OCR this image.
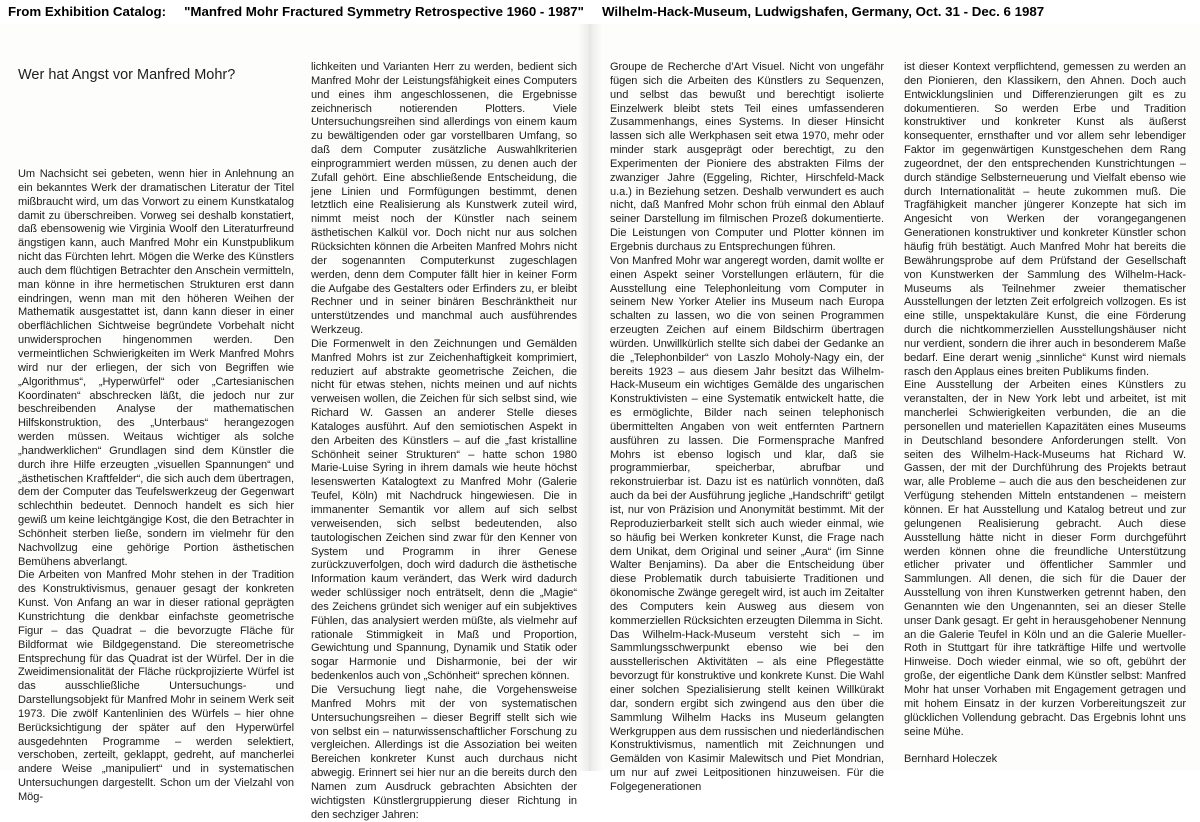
From Exhibition Catalog: "Manfred Mohr Fractured Symmetry Retrospective 1960 - 1987" Wilhelm-Hack-Museum, Ludwigshafen, Germany, Oct. 31 - Dec. 6 1987
Wer hat Angst vor Manfred Mohr?

Um Nachsicht sei gebeten, wenn hier in Anlehnung an ein bekanntes Werk der dramatischen Literatur der Titel mißbraucht wird, um das Vorwort zu einem Kunstkatalog damit zu überschreiben. Vorweg sei deshalb konstatiert, daß ebensowenig wie Virginia Woolf den Literaturfreund ängstigen kann, auch Manfred Mohr ein Kunstpublikum nicht das Fürchten lehrt. Mögen die Werke des Künstlers auch dem flüchtigen Betrachter den Anschein vermitteln, man könne in ihre hermetischen Strukturen erst dann eindringen, wenn man mit den höheren Weihen der Mathematik ausgestattet ist, dann kann dieser in einer oberflächlichen Sichtweise begründete Vorbehalt nicht unwidersprochen hingenommen werden. Den vermeintlichen Schwierigkeiten im Werk Manfred Mohrs wird nur der erliegen, der sich von Begriffen wie „Algorithmus“, „Hyperwürfel“ oder „Cartesianischen Koordinaten“ abschrecken läßt, die jedoch nur zur beschreibenden Analyse der mathematischen Hilfskonstruktion, des „Unterbaus“ herangezogen werden müssen. Weitaus wichtiger als solche „handwerklichen“ Grundlagen sind dem Künstler die durch ihre Hilfe erzeugten „visuellen Spannungen“ und „ästhetischen Kraftfelder“, die sich auch dem übertragen, dem der Computer das Teufelswerkzeug der Gegenwart schlechthin bedeutet. Dennoch handelt es sich hier gewiß um keine leichtgängige Kost, die den Betrachter in Schönheit sterben ließe, sondern im vielmehr für den Nachvollzug eine gehörige Portion ästhetischen Bemühens abverlangt.

Die Arbeiten von Manfred Mohr stehen in der Tradition des Konstruktivismus, genauer gesagt der konkreten Kunst. Von Anfang an war in dieser rational geprägten Kunstrichtung die denkbar einfachste geometrische Figur – das Quadrat – die bevorzugte Fläche für Bildformat wie Bildgegenstand. Die stereometrische Entsprechung für das Quadrat ist der Würfel. Der in die Zweidimensionalität der Fläche rückprojizierte Würfel ist das ausschließliche Untersuchungs- und Darstellungsobjekt für Manfred Mohr in seinem Werk seit 1973. Die zwölf Kantenlinien des Würfels – hier ohne Berücksichtigung der später auf den Hyperwürfel ausgedehnten Programme – werden selektiert, verschoben, zerteilt, geklappt, gedreht, auf mancherlei andere Weise „manipuliert“ und in systematischen Untersuchungen dargestellt. Schon um der Vielzahl von Mög-

lichkeiten und Varianten Herr zu werden, bedient sich Manfred Mohr der Leistungsfähigkeit eines Computers und eines ihm angeschlossenen, die Ergebnisse zeichnerisch notierenden Plotters. Viele Untersuchungsreihen sind allerdings von einem kaum zu bewältigenden oder gar vorstellbaren Umfang, so daß dem Computer zusätzliche Auswahlkriterien einprogrammiert werden müssen, zu denen auch der Zufall gehört. Eine abschließende Entscheidung, die jene Linien und Formfügungen bestimmt, denen letztlich eine Realisierung als Kunstwerk zuteil wird, nimmt meist noch der Künstler nach seinem ästhetischen Kalkül vor. Doch nicht nur aus solchen Rücksichten können die Arbeiten Manfred Mohrs nicht der sogenannten Computerkunst zugeschlagen werden, denn dem Computer fällt hier in keiner Form die Aufgabe des Gestalters oder Erfinders zu, er bleibt Rechner und in seiner binären Beschränktheit nur unterstützendes und manchmal auch ausführendes Werkzeug.

Die Formenwelt in den Zeichnungen und Gemälden Manfred Mohrs ist zur Zeichenhaftigkeit komprimiert, reduziert auf abstrakte geometrische Zeichen, die nicht für etwas stehen, nichts meinen und auf nichts verweisen wollen, die Zeichen für sich selbst sind, wie Richard W. Gassen an anderer Stelle dieses Kataloges ausführt. Auf den semiotischen Aspekt in den Arbeiten des Künstlers – auf die „fast kristalline Schönheit seiner Strukturen“ – hatte schon 1980 Marie-Luise Syring in ihrem damals wie heute höchst lesenswerten Katalogtext zu Manfred Mohr (Galerie Teufel, Köln) mit Nachdruck hingewiesen. Die in immanenter Semantik vor allem auf sich selbst verweisenden, sich selbst bedeutenden, also tautologischen Zeichen sind zwar für den Kenner von System und Programm in ihrer Genese zurückzuverfolgen, doch wird dadurch die ästhetische Information kaum verändert, das Werk wird dadurch weder schlüssiger noch enträtselt, denn die „Magie“ des Zeichens gründet sich weniger auf ein subjektives Fühlen, das analysiert werden müßte, als vielmehr auf rationale Stimmigkeit in Maß und Proportion, Gewichtung und Spannung, Dynamik und Statik oder sogar Harmonie und Disharmonie, bei der wir bedenkenlos auch von „Schönheit“ sprechen können.

Die Versuchung liegt nahe, die Vorgehensweise Manfred Mohrs mit der von systematischen Untersuchungsreihen – dieser Begriff stellt sich wie von selbst ein – naturwissenschaftlicher Forschung zu vergleichen. Allerdings ist die Assoziation bei weiten Bereichen konkreter Kunst auch durchaus nicht abwegig. Erinnert sei hier nur an die bereits durch den Namen zum Ausdruck gebrachten Absichten der wichtigsten Künstlergruppierung dieser Richtung in den sechziger Jahren:

Groupe de Recherche d’Art Visuel. Nicht von ungefähr fügen sich die Arbeiten des Künstlers zu Sequenzen, und selbst das bewußt und berechtigt isolierte Einzelwerk bleibt stets Teil eines umfassenderen Zusammenhangs, eines Systems. In dieser Hinsicht lassen sich alle Werkphasen seit etwa 1970, mehr oder minder stark ausgeprägt oder berechtigt, zu den Experimenten der Pioniere des abstrakten Films der zwanziger Jahre (Eggeling, Richter, Hirschfeld-Mack u.a.) in Beziehung setzen. Deshalb verwundert es auch nicht, daß Manfred Mohr schon früh einmal den Ablauf seiner Darstellung im filmischen Prozeß dokumentierte. Die Leistungen von Computer und Plotter können im Ergebnis durchaus zu Entsprechungen führen.

Von Manfred Mohr war angeregt worden, damit wollte er einen Aspekt seiner Vorstellungen erläutern, für die Ausstellung eine Telephonleitung vom Computer in seinem New Yorker Atelier ins Museum nach Europa schalten zu lassen, wo die von seinen Programmen erzeugten Zeichen auf einem Bildschirm übertragen würden. Unwillkürlich stellte sich dabei der Gedanke an die „Telephonbilder“ von Laszlo Moholy-Nagy ein, der bereits 1923 – aus diesem Jahr besitzt das Wilhelm-Hack-Museum ein wichtiges Gemälde des ungarischen Konstruktivisten – eine Systematik entwickelt hatte, die es ermöglichte, Bilder nach seinen telephonisch übermittelten Angaben von weit entfernten Partnern ausführen zu lassen. Die Formensprache Manfred Mohrs ist ebenso logisch und klar, daß sie programmierbar, speicherbar, abrufbar und rekonstruierbar ist. Dazu ist es natürlich vonnöten, daß auch da bei der Ausführung jegliche „Handschrift“ getilgt ist, nur von Präzision und Anonymität bestimmt. Mit der Reproduzierbarkeit stellt sich auch wieder einmal, wie so häufig bei Werken konkreter Kunst, die Frage nach dem Unikat, dem Original und seiner „Aura“ (im Sinne Walter Benjamins). Da aber die Entscheidung über diese Problematik durch tabuisierte Traditionen und ökonomische Zwänge geregelt wird, ist auch im Zeitalter des Computers kein Ausweg aus diesem von kommerziellen Rücksichten erzeugten Dilemma in Sicht.

Das Wilhelm-Hack-Museum versteht sich – im Sammlungsschwerpunkt ebenso wie bei den ausstellerischen Aktivitäten – als eine Pflegestätte bevorzugt für konstruktive und konkrete Kunst. Die Wahl einer solchen Spezialisierung stellt keinen Willkürakt dar, sondern ergibt sich zwingend aus den über die Sammlung Wilhelm Hacks ins Museum gelangten Werkgruppen aus dem russischen und niederländischen Konstruktivismus, namentlich mit Zeichnungen und Gemälden von Kasimir Malewitsch und Piet Mondrian, um nur auf zwei Leitpositionen hinzuweisen. Für die Folgegenerationen

ist dieser Kontext verpflichtend, gemessen zu werden an den Pionieren, den Klassikern, den Ahnen. Doch auch Entwicklungslinien und Differenzierungen gilt es zu dokumentieren. So werden Erbe und Tradition konstruktiver und konkreter Kunst als äußerst konsequenter, ernsthafter und vor allem sehr lebendiger Faktor im gegenwärtigen Kunstgeschehen dem Rang zugeordnet, der den entsprechenden Kunstrichtungen – durch ständige Selbsterneuerung und Vielfalt ebenso wie durch Internationalität – heute zukommen muß. Die Tragfähigkeit mancher jüngerer Konzepte hat sich im Angesicht von Werken der vorangegangenen Generationen konstruktiver und konkreter Künstler schon häufig früh bestätigt. Auch Manfred Mohr hat bereits die Bewährungsprobe auf dem Prüfstand der Gesellschaft von Kunstwerken der Sammlung des Wilhelm-Hack-Museums als Teilnehmer zweier thematischer Ausstellungen der letzten Zeit erfolgreich vollzogen. Es ist eine stille, unspektakuläre Kunst, die eine Förderung durch die nichtkommerziellen Ausstellungshäuser nicht nur verdient, sondern die ihrer auch in besonderem Maße bedarf. Eine derart wenig „sinnliche“ Kunst wird niemals rasch den Applaus eines breiten Publikums finden.

Eine Ausstellung der Arbeiten eines Künstlers zu veranstalten, der in New York lebt und arbeitet, ist mit mancherlei Schwierigkeiten verbunden, die an die personellen und materiellen Kapazitäten eines Museums in Deutschland besondere Anforderungen stellt. Von seiten des Wilhelm-Hack-Museums hat Richard W. Gassen, der mit der Durchführung des Projekts betraut war, alle Probleme – auch die aus den bescheidenen zur Verfügung stehenden Mitteln entstandenen – meistern können. Er hat Ausstellung und Katalog betreut und zur gelungenen Realisierung gebracht. Auch diese Ausstellung hätte nicht in dieser Form durchgeführt werden können ohne die freundliche Unterstützung etlicher privater und öffentlicher Sammler und Sammlungen. All denen, die sich für die Dauer der Ausstellung von ihren Kunstwerken getrennt haben, den Genannten wie den Ungenannten, sei an dieser Stelle unser Dank gesagt. Er geht in herausgehobener Nennung an die Galerie Teufel in Köln und an die Galerie Mueller-Roth in Stuttgart für ihre tatkräftige Hilfe und wertvolle Hinweise. Doch wieder einmal, wie so oft, gebührt der große, der eigentliche Dank dem Künstler selbst: Manfred Mohr hat unser Vorhaben mit Engagement getragen und mit hohem Einsatz in der kurzen Vorbereitungszeit zur glücklichen Vollendung gebracht. Das Ergebnis lohnt uns seine Mühe.

Bernhard Holeczek
